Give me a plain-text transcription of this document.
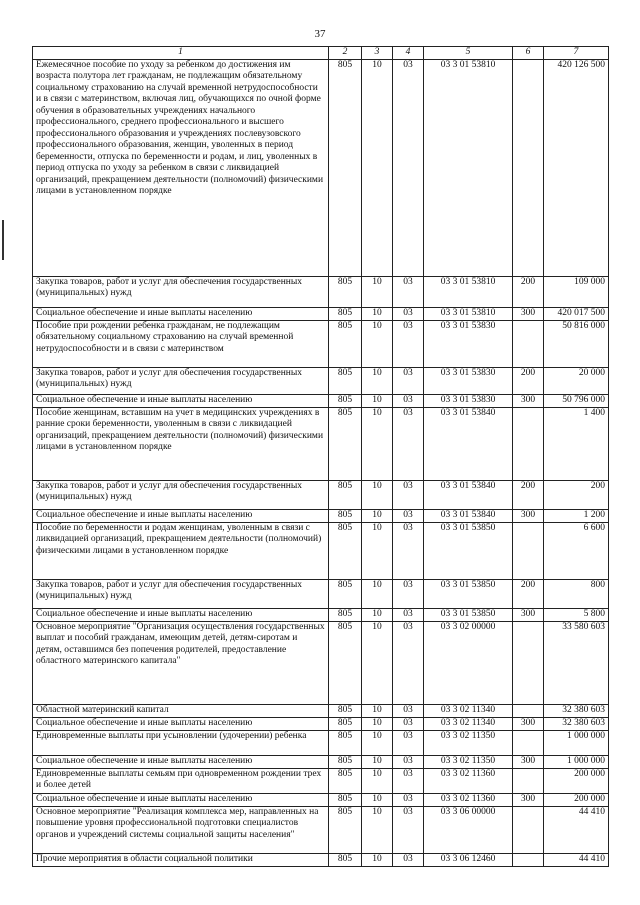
37
1	2	3	4	5	6	7
Ежемесячное пособие по уходу за ребенком до достижения им возраста полутора лет гражданам, не подлежащим обязательному социальному страхованию на случай временной нетрудоспособности и в связи с материнством, включая лиц, обучающихся по очной форме обучения в образовательных учреждениях начального профессионального, среднего профессионального и высшего профессионального образования и учреждениях послевузовского профессионального образования, женщин, уволенных в период беременности, отпуска по беременности и родам, и лиц, уволенных в период отпуска по уходу за ребенком в связи с ликвидацией организаций, прекращением деятельности (полномочий) физическими лицами в установленном порядке	805	10	03	03 3 01 53810		420 126 500
Закупка товаров, работ и услуг для обеспечения государственных (муниципальных) нужд	805	10	03	03 3 01 53810	200	109 000
Социальное обеспечение и иные выплаты населению	805	10	03	03 3 01 53810	300	420 017 500
Пособие при рождении ребенка гражданам, не подлежащим обязательному социальному страхованию на случай временной нетрудоспособности и в связи с материнством	805	10	03	03 3 01 53830		50 816 000
Закупка товаров, работ и услуг для обеспечения государственных (муниципальных) нужд	805	10	03	03 3 01 53830	200	20 000
Социальное обеспечение и иные выплаты населению	805	10	03	03 3 01 53830	300	50 796 000
Пособие женщинам, вставшим на учет в медицинских учреждениях в ранние сроки беременности, уволенным в связи с ликвидацией организаций, прекращением деятельности (полномочий) физическими лицами в установленном порядке	805	10	03	03 3 01 53840		1 400
Закупка товаров, работ и услуг для обеспечения государственных (муниципальных) нужд	805	10	03	03 3 01 53840	200	200
Социальное обеспечение и иные выплаты населению	805	10	03	03 3 01 53840	300	1 200
Пособие по беременности и родам женщинам, уволенным в связи с ликвидацией организаций, прекращением деятельности (полномочий) физическими лицами в установленном порядке	805	10	03	03 3 01 53850		6 600
Закупка товаров, работ и услуг для обеспечения государственных (муниципальных) нужд	805	10	03	03 3 01 53850	200	800
Социальное обеспечение и иные выплаты населению	805	10	03	03 3 01 53850	300	5 800
Основное мероприятие "Организация осуществления государственных выплат и пособий гражданам, имеющим детей, детям-сиротам и детям, оставшимся без попечения родителей, предоставление областного материнского капитала"	805	10	03	03 3 02 00000		33 580 603
Областной материнский капитал	805	10	03	03 3 02 11340		32 380 603
Социальное обеспечение и иные выплаты населению	805	10	03	03 3 02 11340	300	32 380 603
Единовременные выплаты при усыновлении (удочерении) ребенка	805	10	03	03 3 02 11350		1 000 000
Социальное обеспечение и иные выплаты населению	805	10	03	03 3 02 11350	300	1 000 000
Единовременные выплаты семьям при одновременном рождении трех и более детей	805	10	03	03 3 02 11360		200 000
Социальное обеспечение и иные выплаты населению	805	10	03	03 3 02 11360	300	200 000
Основное мероприятие "Реализация комплекса мер, направленных на повышение уровня профессиональной подготовки специалистов органов и учреждений системы социальной защиты населения"	805	10	03	03 3 06 00000		44 410
Прочие мероприятия в области социальной политики	805	10	03	03 3 06 12460		44 410
